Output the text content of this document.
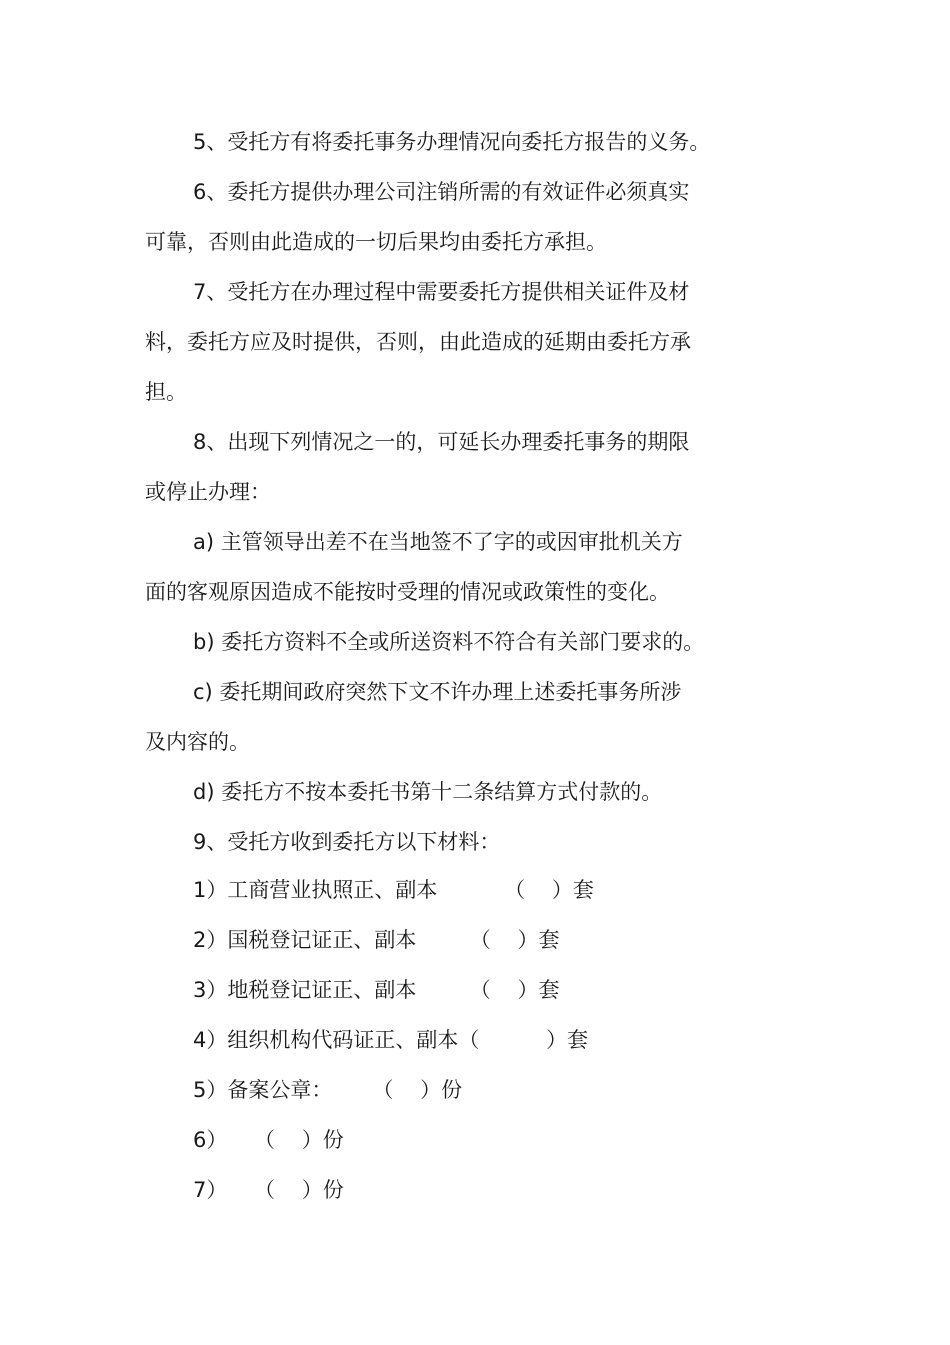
5、受托方有将委托事务办理情况向委托方报告的义务。
6、委托方提供办理公司注销所需的有效证件必须真实
可靠，否则由此造成的一切后果均由委托方承担。
7、受托方在办理过程中需要委托方提供相关证件及材
料，委托方应及时提供，否则，由此造成的延期由委托方承
担。
8、出现下列情况之一的，可延长办理委托事务的期限
或停止办理：
a) 主管领导出差不在当地签不了字的或因审批机关方
面的客观原因造成不能按时受理的情况或政策性的变化。
b) 委托方资料不全或所送资料不符合有关部门要求的。
c) 委托期间政府突然下文不许办理上述委托事务所涉
及内容的。
d) 委托方不按本委托书第十二条结算方式付款的。
9、受托方收到委托方以下材料：
1）工商营业执照正、副本          （    ）套
2）国税登记证正、副本        （    ）套
3）地税登记证正、副本        （    ）套
4）组织机构代码证正、副本（          ）套
5）备案公章：      （    ）份
6）    （    ）份
7）    （    ）份
